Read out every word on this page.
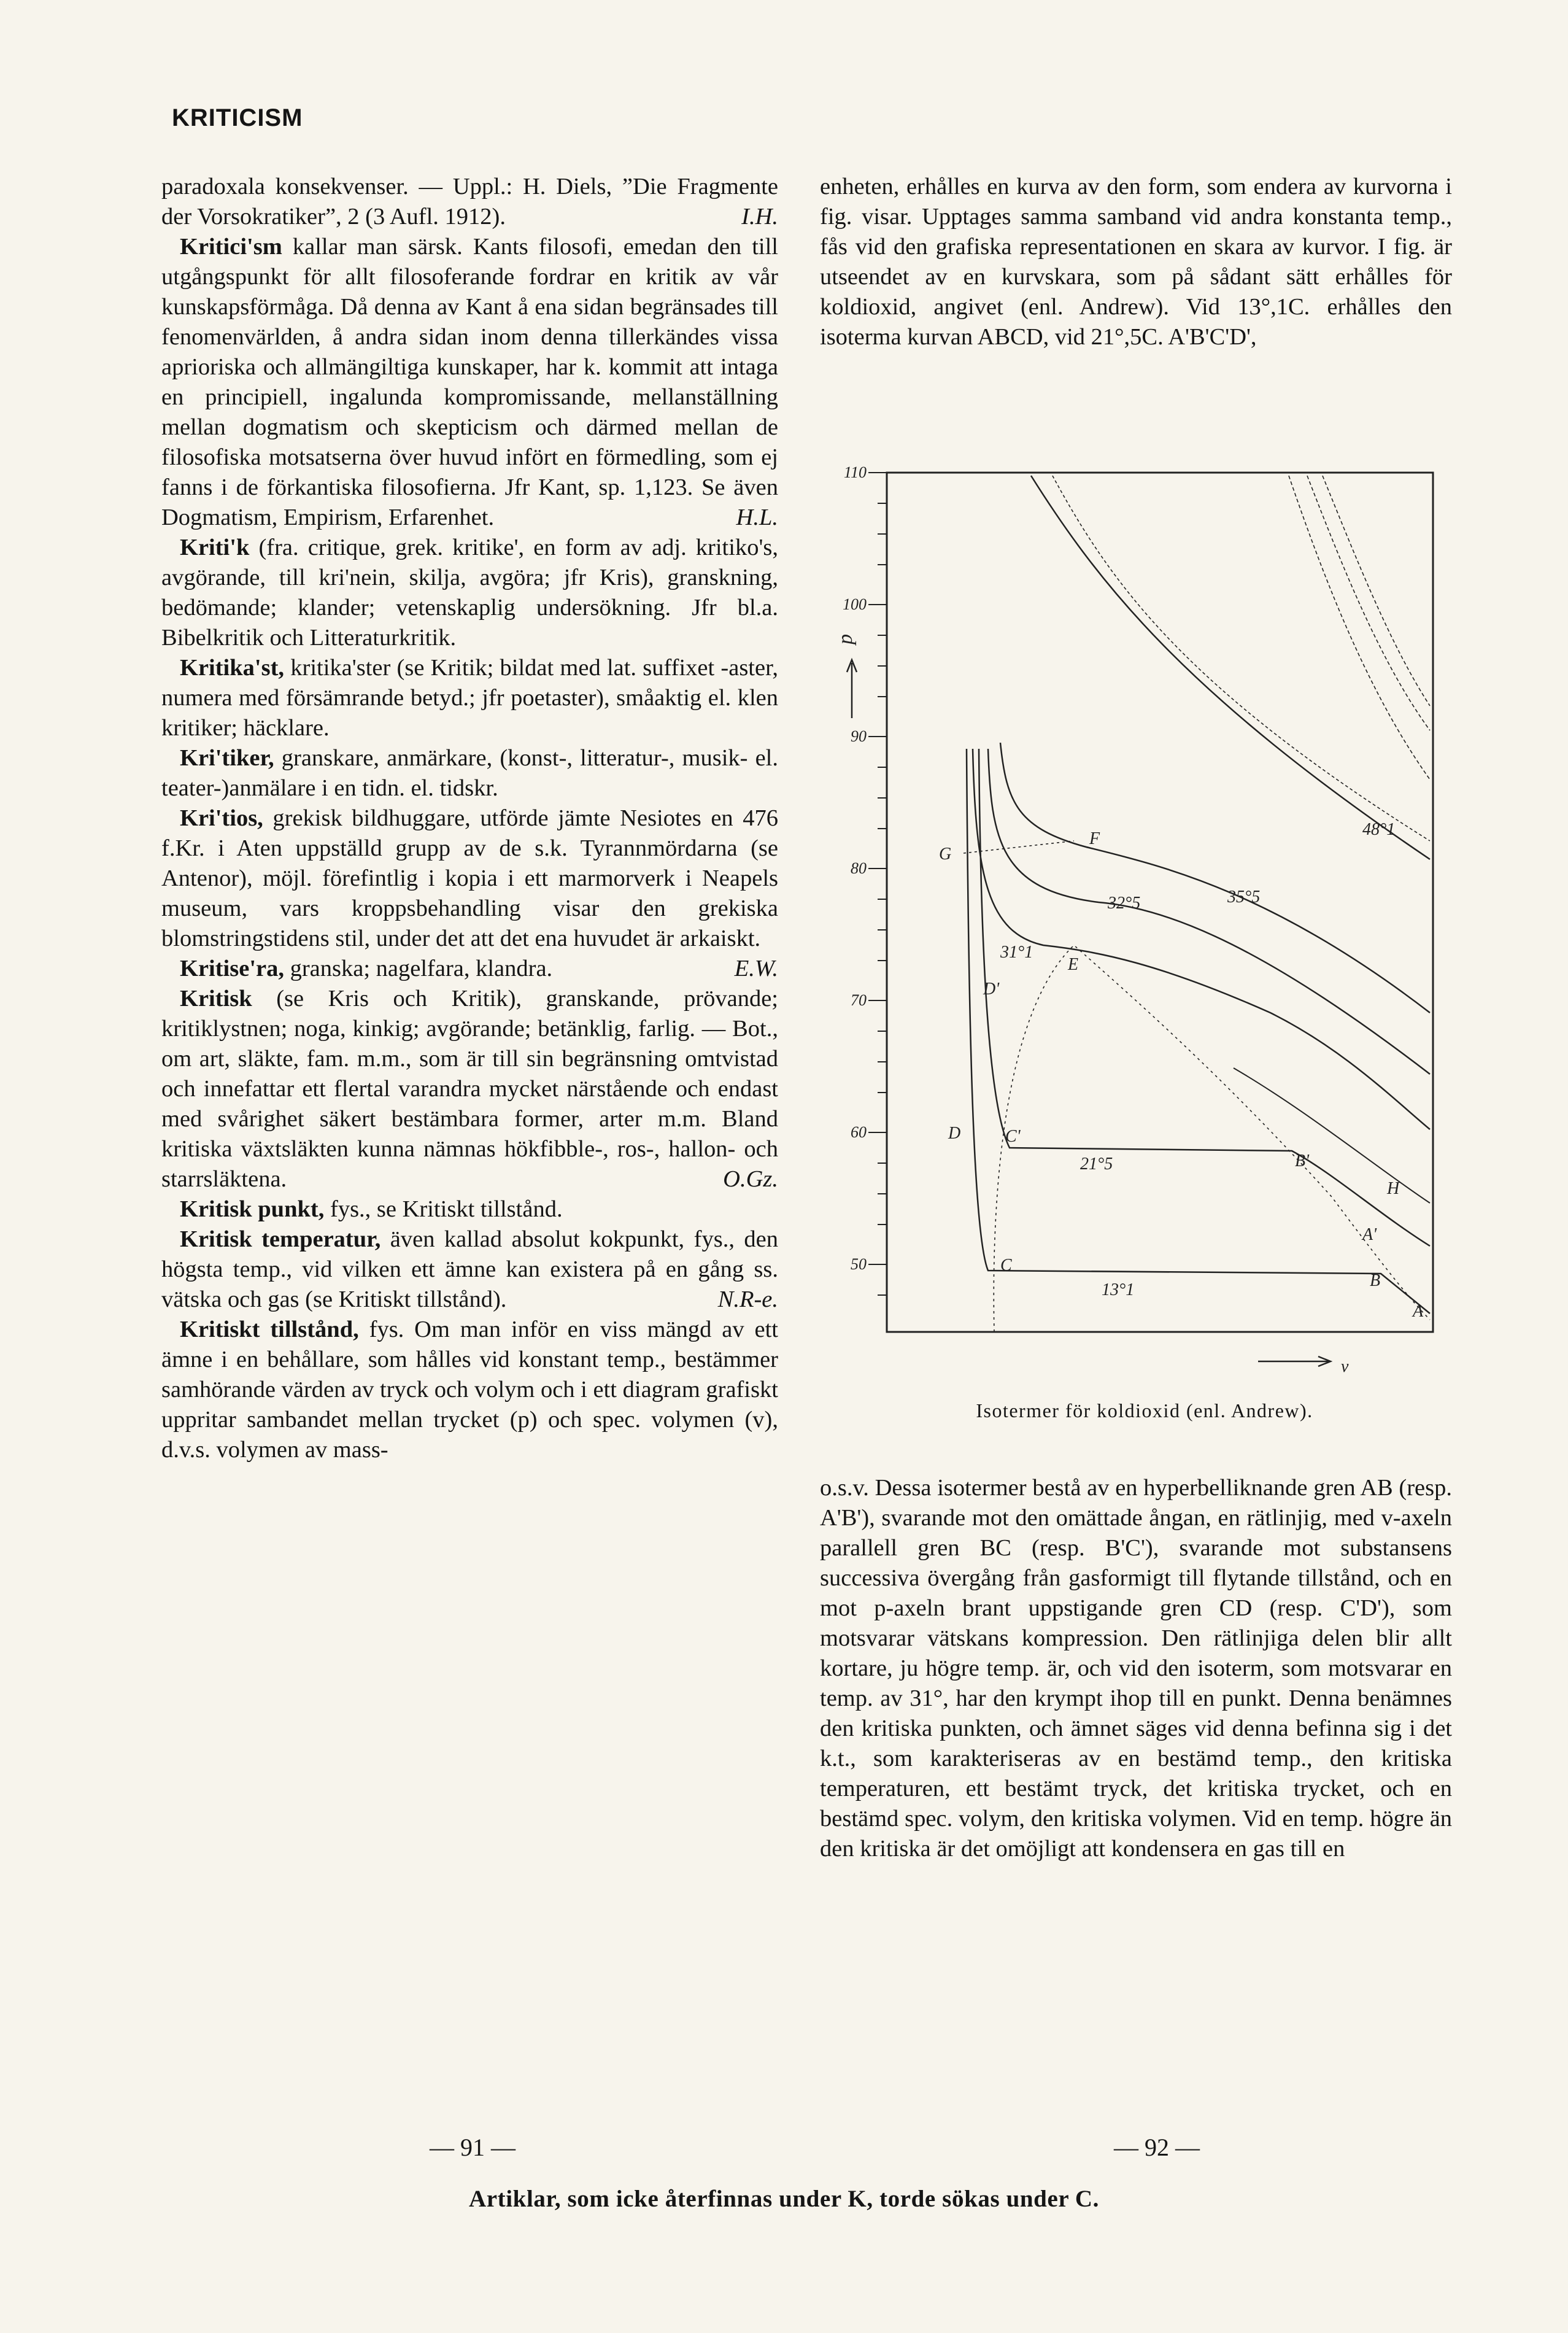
KRITICISM

paradoxala konsekvenser. — Uppl.: H. Diels, ”Die Fragmente der Vorsokratiker”, 2 (3 Aufl. 1912).	I.H.

Kritici'sm kallar man särsk. Kants filosofi, emedan den till utgångspunkt för allt filosoferande fordrar en kritik av vår kunskapsförmåga. Då denna av Kant å ena sidan begränsades till fenomenvärlden, å andra sidan inom denna tillerkändes vissa aprioriska och allmängiltiga kunskaper, har k. kommit att intaga en principiell, ingalunda kompromissande, mellanställning mellan dogmatism och skepticism och därmed mellan de filosofiska motsatserna över huvud infört en förmedling, som ej fanns i de förkantiska filosofierna. Jfr Kant, sp. 1,123. Se även Dogmatism, Empirism, Erfarenhet.	H.L.

Kriti'k (fra. critique, grek. kritike', en form av adj. kritiko's, avgörande, till kri'nein, skilja, avgöra; jfr Kris), granskning, bedömande; klander; vetenskaplig undersökning. Jfr bl.a. Bibelkritik och Litteraturkritik.

Kritika'st, kritika'ster (se Kritik; bildat med lat. suffixet -aster, numera med försämrande betyd.; jfr poetaster), småaktig el. klen kritiker; häcklare.

Kri'tiker, granskare, anmärkare, (konst-, litteratur-, musik- el. teater-)anmälare i en tidn. el. tidskr.

Kri'tios, grekisk bildhuggare, utförde jämte Nesiotes en 476 f.Kr. i Aten uppställd grupp av de s.k. Tyrannmördarna (se Antenor), möjl. förefintlig i kopia i ett marmorverk i Neapels museum, vars kroppsbehandling visar den grekiska blomstringstidens stil, under det att det ena huvudet är arkaiskt.
E.W.

Kritise'ra, granska; nagelfara, klandra.

Kritisk (se Kris och Kritik), granskande, prövande; kritiklystnen; noga, kinkig; avgörande; betänklig, farlig. — Bot., om art, släkte, fam. m.m., som är till sin begränsning omtvistad och innefattar ett flertal varandra mycket närstående och endast med svårighet säkert bestämbara former, arter m.m. Bland kritiska växtsläkten kunna nämnas hökfibble-, ros-, hallon- och starrsläktena.	O.Gz.

Kritisk punkt, fys., se Kritiskt tillstånd.

Kritisk temperatur, även kallad absolut kokpunkt, fys., den högsta temp., vid vilken ett ämne kan existera på en gång ss. vätska och gas (se Kritiskt tillstånd).	N.R-e.

Kritiskt tillstånd, fys. Om man inför en viss mängd av ett ämne i en behållare, som hålles vid konstant temp., bestämmer samhörande värden av tryck och volym och i ett diagram grafiskt uppritar sambandet mellan trycket (p) och spec. volymen (v), d.v.s. volymen av mass-

enheten, erhålles en kurva av den form, som endera av kurvorna i fig. visar. Upptages samma samband vid andra konstanta temp., fås vid den grafiska representationen en skara av kurvor. I fig. är utseendet av en kurvskara, som på sådant sätt erhålles för koldioxid, angivet (enl. Andrew). Vid 13°,1C. erhålles den isoterma kurvan ABCD, vid 21°,5C. A'B'C'D',

110
100
90
80
70
60
50
p
48°1
35°5
32°5
31°1
21°5
13°1
F
E
G
D
D'
C'
C
B'
B
H
A'
A
v
Isotermer för koldioxid (enl. Andrew).

o.s.v. Dessa isotermer bestå av en hyperbelliknande gren AB (resp. A'B'), svarande mot den omättade ångan, en rätlinjig, med v-axeln parallell gren BC (resp. B'C'), svarande mot substansens successiva övergång från gasformigt till flytande tillstånd, och en mot p-axeln brant uppstigande gren CD (resp. C'D'), som motsvarar vätskans kompression. Den rätlinjiga delen blir allt kortare, ju högre temp. är, och vid den isoterm, som motsvarar en temp. av 31°, har den krympt ihop till en punkt. Denna benämnes den kritiska punkten, och ämnet säges vid denna befinna sig i det k.t., som karakteriseras av en bestämd temp., den kritiska temperaturen, ett bestämt tryck, det kritiska trycket, och en bestämd spec. volym, den kritiska volymen. Vid en temp. högre än den kritiska är det omöjligt att kondensera en gas till en

— 91 —	— 92 —
Artiklar, som icke återfinnas under K, torde sökas under C.
